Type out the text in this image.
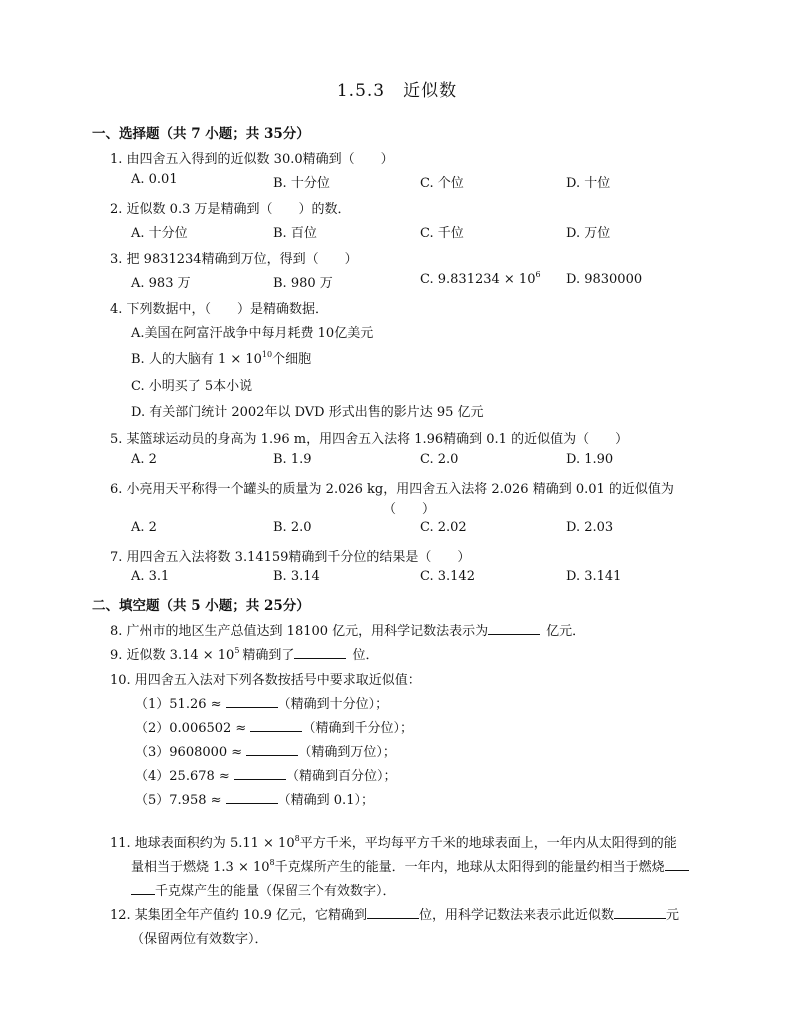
1.5.3　近似数
一、选择题（共 7 小题；共 35分）
1. 由四舍五入得到的近似数 30.0精确到（　　）
A. 0.01	B. 十分位	C. 个位	D. 十位
2. 近似数 0.3 万是精确到（　　）的数．
A. 十分位	B. 百位	C. 千位	D. 万位
3. 把 9831234精确到万位，得到（　　）
A. 983 万	B. 980 万	C. $9.831234 \times 10^6$ D. 9830000
4. 下列数据中，（　　）是精确数据．
A.美国在阿富汗战争中每月耗费 10亿美元
B. 人的大脑有 $1 \times 10^{10}$个细胞
C. 小明买了 5本小说
D. 有关部门统计 2002年以 DVD 形式出售的影片达 95 亿元
5. 某篮球运动员的身高为 1.96 m，用四舍五入法将 1.96精确到 0.1 的近似值为（　　）
A. 2	B. 1.9	C. 2.0	D. 1.90
6. 小亮用天平称得一个罐头的质量为 2.026 kg，用四舍五入法将 2.026 精确到 0.01 的近似值为
（　　）
A. 2	B. 2.0	C. 2.02	D. 2.03
7. 用四舍五入法将数 3.14159精确到千分位的结果是（　　）
A. 3.1	B. 3.14	C. 3.142	D. 3.141
二、填空题（共 5 小题；共 25分）
8. 广州市的地区生产总值达到 18100 亿元，用科学记数法表示为	亿元．
9. 近似数 $3.14 \times 10^5$ 精确到了	位．
10. 用四舍五入法对下列各数按括号中要求取近似值：
（1）51.26 ≈	（精确到十分位）；
（2）0.006502 ≈	（精确到千分位）；
（3）9608000 ≈	（精确到万位）；
（4）25.678 ≈	（精确到百分位）；
（5）7.958 ≈	（精确到 0.1）；
11. 地球表面积约为 $5.11 \times 10^8$平方千米，平均每平方千米的地球表面上，一年内从太阳得到的能
量相当于燃烧 $1.3 \times 10^8$千克煤所产生的能量．一年内，地球从太阳得到的能量约相当于燃烧
千克煤产生的能量（保留三个有效数字）．
12. 某集团全年产值约 10.9 亿元，它精确到	位，用科学记数法来表示此近似数	元
（保留两位有效数字）．
